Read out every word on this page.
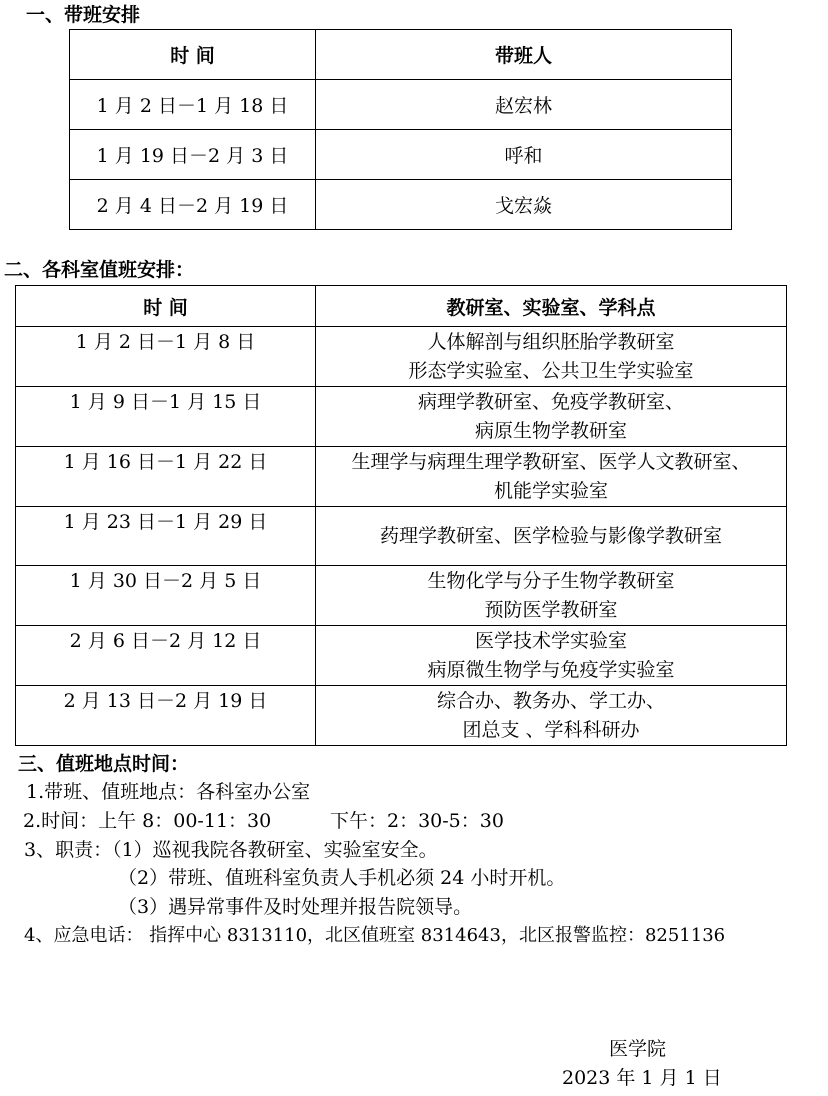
一、带班安排
时 间	带班人
1 月 2 日－1 月 18 日	赵宏林
1 月 19 日－2 月 3 日	呼和
2 月 4 日－2 月 19 日	戈宏焱
二、各科室值班安排：
时 间	教研室、实验室、学科点
1 月 2 日－1 月 8 日	人体解剖与组织胚胎学教研室
形态学实验室、公共卫生学实验室

1 月 9 日－1 月 15 日	病理学教研室、免疫学教研室、
病原生物学教研室

1 月 16 日－1 月 22 日	生理学与病理生理学教研室、医学人文教研室、
机能学实验室

1 月 23 日－1 月 29 日	药理学教研室、医学检验与影像学教研室

1 月 30 日－2 月 5 日	生物化学与分子生物学教研室
预防医学教研室

2 月 6 日－2 月 12 日	医学技术学实验室
病原微生物学与免疫学实验室

2 月 13 日－2 月 19 日	综合办、教务办、学工办、
团总支 、学科科研办
三、值班地点时间：
1.带班、值班地点：各科室办公室
2.时间：上午 8：00-11：30	下午：2：30-5：30
3、职责：（1）巡视我院各教研室、实验室安全。
（2）带班、值班科室负责人手机必须 24 小时开机。
（3）遇异常事件及时处理并报告院领导。
4、应急电话： 指挥中心 8313110，北区值班室 8314643，北区报警监控：8251136
医学院
2023 年 1 月 1 日
